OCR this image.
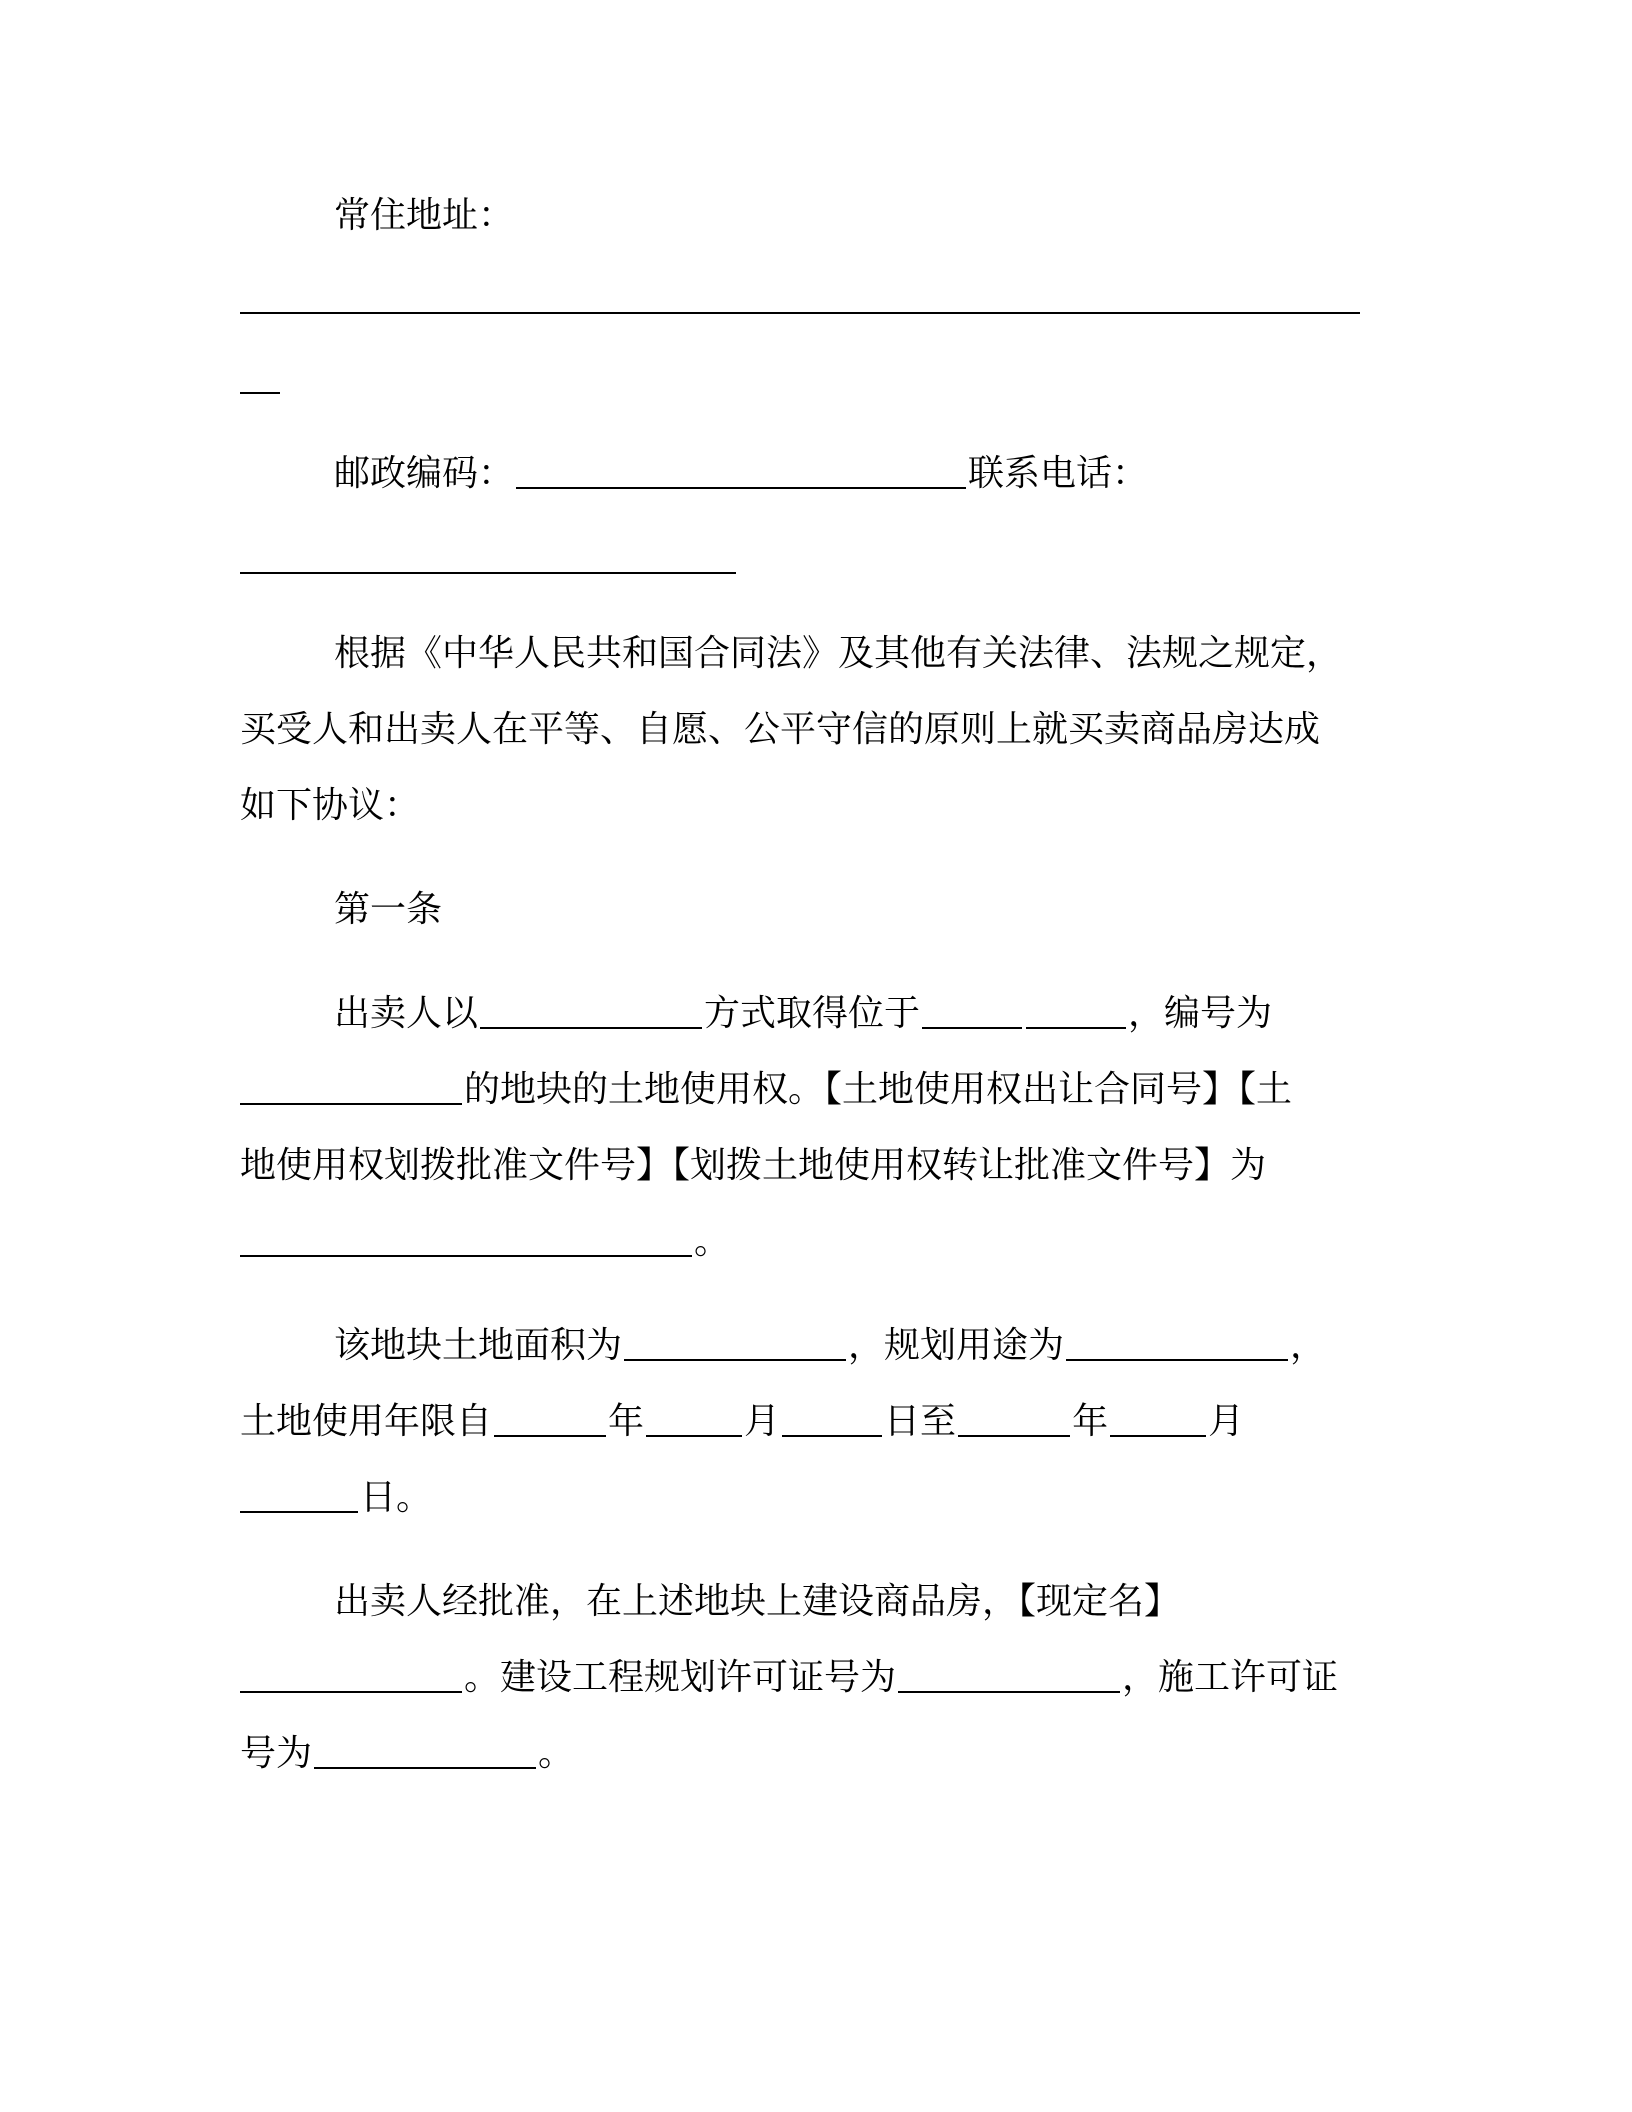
常住地址：
邮政编码：	联系电话：
根据《中华人民共和国合同法》及其他有关法律、法规之规定，
买受人和出卖人在平等、自愿、公平守信的原则上就买卖商品房达成
如下协议：
第一条
出卖人以	方式取得位于	，编号为
的地块的土地使用权。【土地使用权出让合同号】【土
地使用权划拨批准文件号】【划拨土地使用权转让批准文件号】为
。
该地块土地面积为	，规划用途为	，
土地使用年限自	年	月	日至	年	月
日。
出卖人经批准，在上述地块上建设商品房，【现定名】
。建设工程规划许可证号为	，施工许可证
号为	。
